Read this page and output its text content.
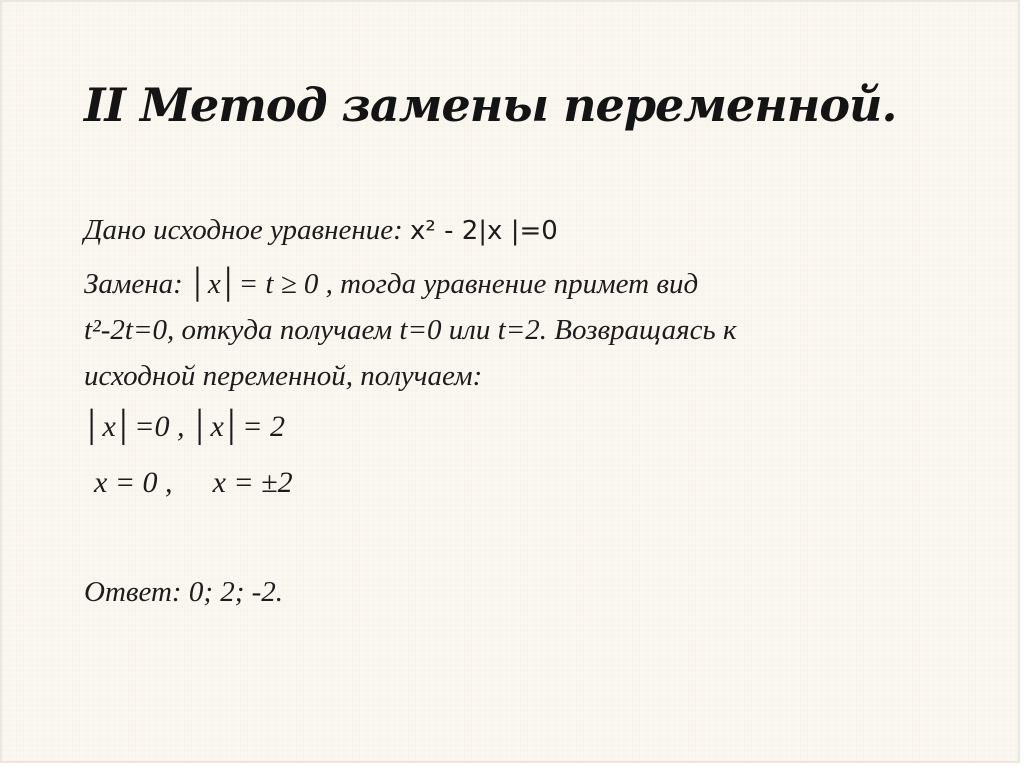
II Метод замены переменной.
Дано исходное уравнение: x² - 2|x |=0
Замена: │x│= t ≥ 0 , тогда уравнение примет вид
t²-2t=0, откуда получаем t=0 или t=2. Возвращаясь к
исходной переменной, получаем:
│x│=0 , │x│= 2
x = 0 , x = ±2
Ответ: 0; 2; -2.
